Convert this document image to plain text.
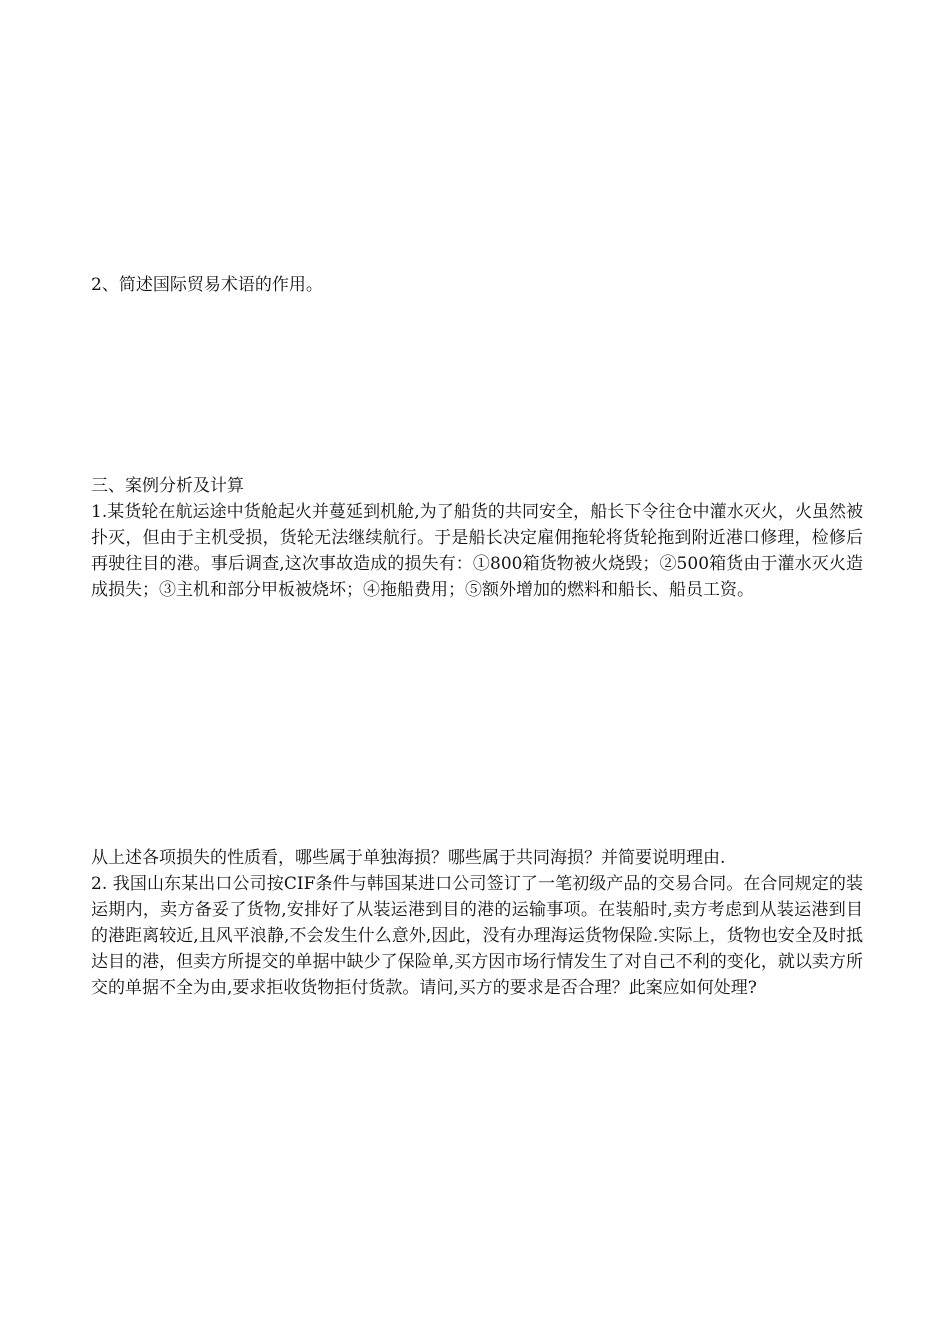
2、简述国际贸易术语的作用。

三、案例分析及计算

1.某货轮在航运途中货舱起火并蔓延到机舱,为了船货的共同安全，船长下令往仓中灌水灭火，火虽然被扑灭，但由于主机受损，货轮无法继续航行。于是船长决定雇佣拖轮将货轮拖到附近港口修理，检修后再驶往目的港。事后调查,这次事故造成的损失有：①800箱货物被火烧毁；②500箱货由于灌水灭火造成损失；③主机和部分甲板被烧坏；④拖船费用；⑤额外增加的燃料和船长、船员工资。

从上述各项损失的性质看，哪些属于单独海损？哪些属于共同海损？并简要说明理由.

2. 我国山东某出口公司按CIF条件与韩国某进口公司签订了一笔初级产品的交易合同。在合同规定的装运期内，卖方备妥了货物,安排好了从装运港到目的港的运输事项。在装船时,卖方考虑到从装运港到目的港距离较近,且风平浪静,不会发生什么意外,因此，没有办理海运货物保险.实际上，货物也安全及时抵达目的港，但卖方所提交的单据中缺少了保险单,买方因市场行情发生了对自己不利的变化，就以卖方所交的单据不全为由,要求拒收货物拒付货款。请问,买方的要求是否合理？此案应如何处理?
